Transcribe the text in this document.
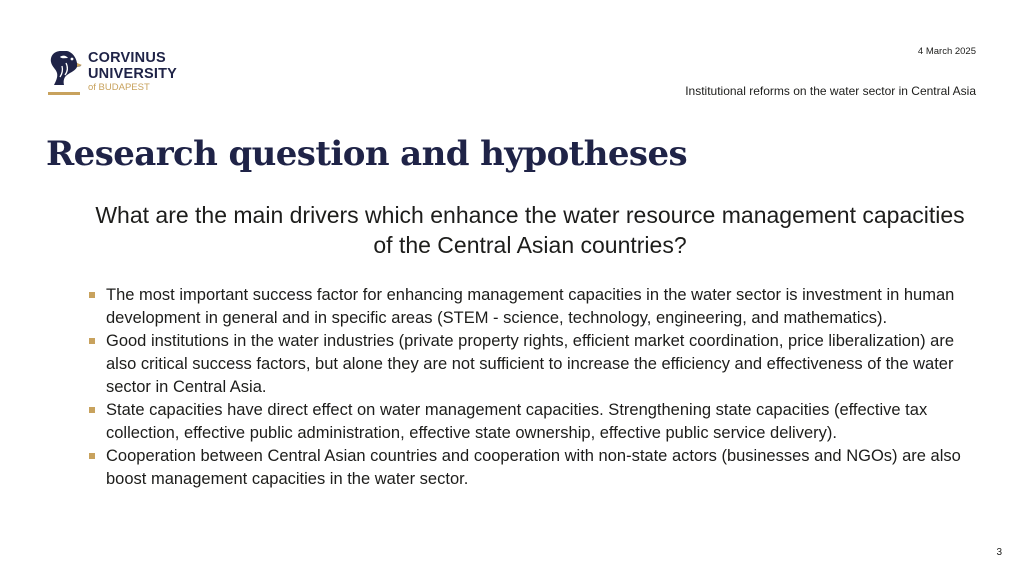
CORVINUS
UNIVERSITY
of BUDAPEST
4 March 2025
Institutional reforms on the water sector in Central Asia
Research question and hypotheses
What are the main drivers which enhance the water resource management capacities of the Central Asian countries?
The most important success factor for enhancing management capacities in the water sector is investment in human development in general and in specific areas (STEM - science, technology, engineering, and mathematics).
Good institutions in the water industries (private property rights, efficient market coordination, price liberalization) are also critical success factors, but alone they are not sufficient to increase the efficiency and effectiveness of the water sector in Central Asia.
State capacities have direct effect on water management capacities. Strengthening state capacities (effective tax collection, effective public administration, effective state ownership, effective public service delivery).
Cooperation between Central Asian countries and cooperation with non-state actors (businesses and NGOs) are also boost management capacities in the water sector.
3
